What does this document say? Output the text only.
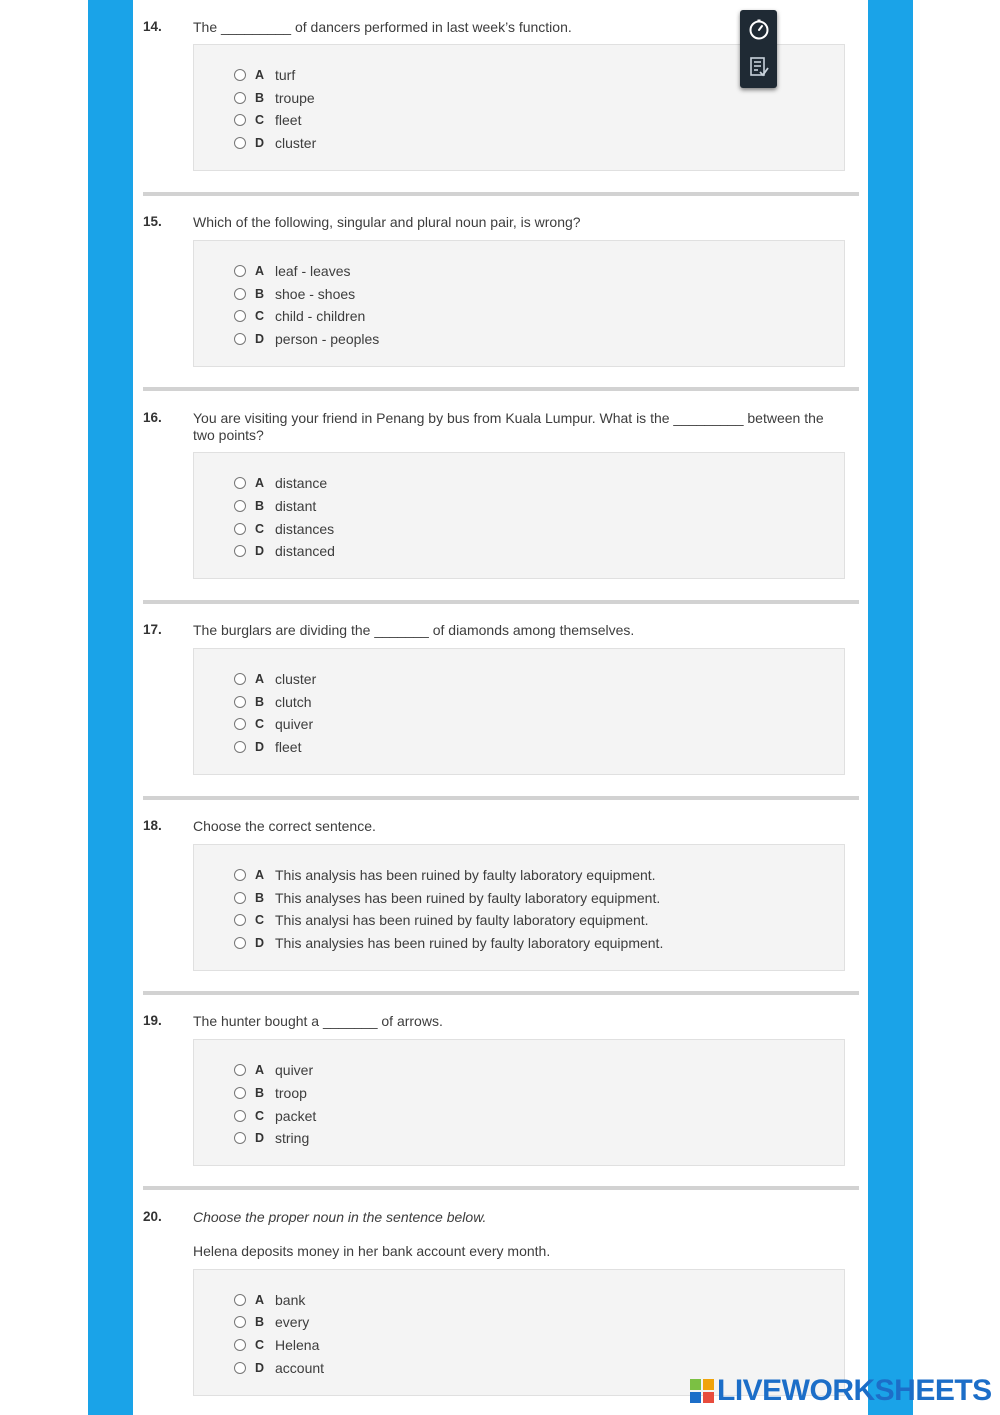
14. The _________ of dancers performed in last week’s function.
A turf
B troupe
C fleet
D cluster
15. Which of the following, singular and plural noun pair, is wrong?
A leaf - leaves
B shoe - shoes
C child - children
D person - peoples
16. You are visiting your friend in Penang by bus from Kuala Lumpur. What is the _________ between the two points?
A distance
B distant
C distances
D distanced
17. The burglars are dividing the _______ of diamonds among themselves.
A cluster
B clutch
C quiver
D fleet
18. Choose the correct sentence.
A This analysis has been ruined by faulty laboratory equipment.
B This analyses has been ruined by faulty laboratory equipment.
C This analysi has been ruined by faulty laboratory equipment.
D This analysies has been ruined by faulty laboratory equipment.
19. The hunter bought a _______ of arrows.
A quiver
B troop
C packet
D string
20. Choose the proper noun in the sentence below.
Helena deposits money in her bank account every month.
A bank
B every
C Helena
D account
LIVEWORKSHEETS
